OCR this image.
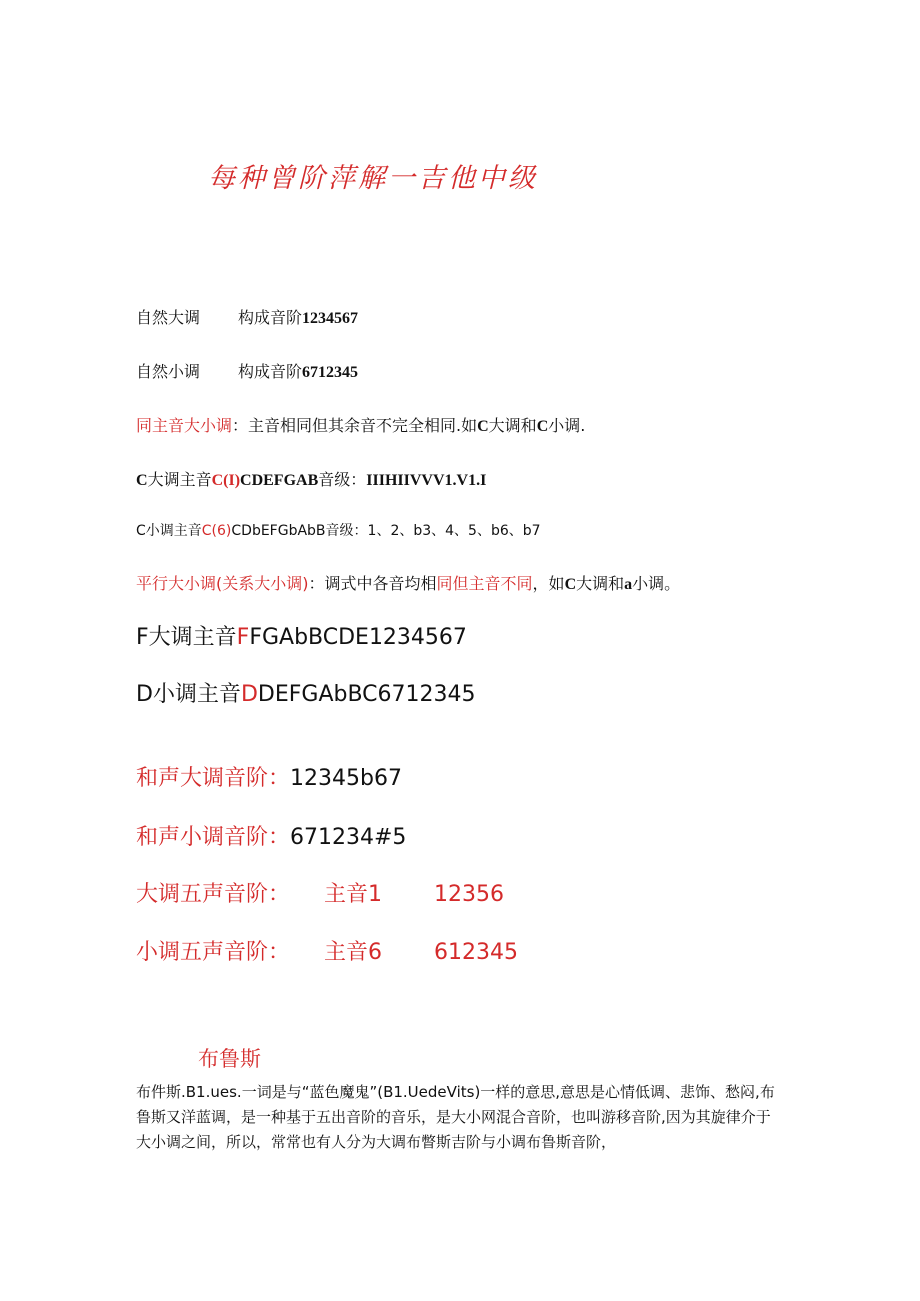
每种曾阶萍解一吉他中级
自然大调 构成音阶1234567
自然小调 构成音阶6712345
同主音大小调：主音相同但其余音不完全相同.如C大调和C小调.
C大调主音C(I)CDEFGAB音级：IIIHIIVVV1.V1.I
C小调主音C(6)CDbEFGbAbB音级：1、2、b3、4、5、b6、b7
平行大小调(关系大小调)：调式中各音均相同但主音不同，如C大调和a小调。
F大调主音FFGAbBCDE1234567
D小调主音DDEFGAbBC6712345
和声大调音阶：12345b67
和声小调音阶：671234#5
大调五声音阶： 主音1 12356
小调五声音阶： 主音6 612345
布鲁斯
布件斯.B1.ues.一词是与“蓝色魔鬼”(B1.UedeVits)一样的意思,意思是心情低调、悲饰、愁闷,布
鲁斯又洋蓝调，是一种基于五出音阶的音乐，是大小网混合音阶，也叫游移音阶,因为其旋律介于
大小调之间，所以，常常也有人分为大调布瞥斯吉阶与小调布鲁斯音阶，
